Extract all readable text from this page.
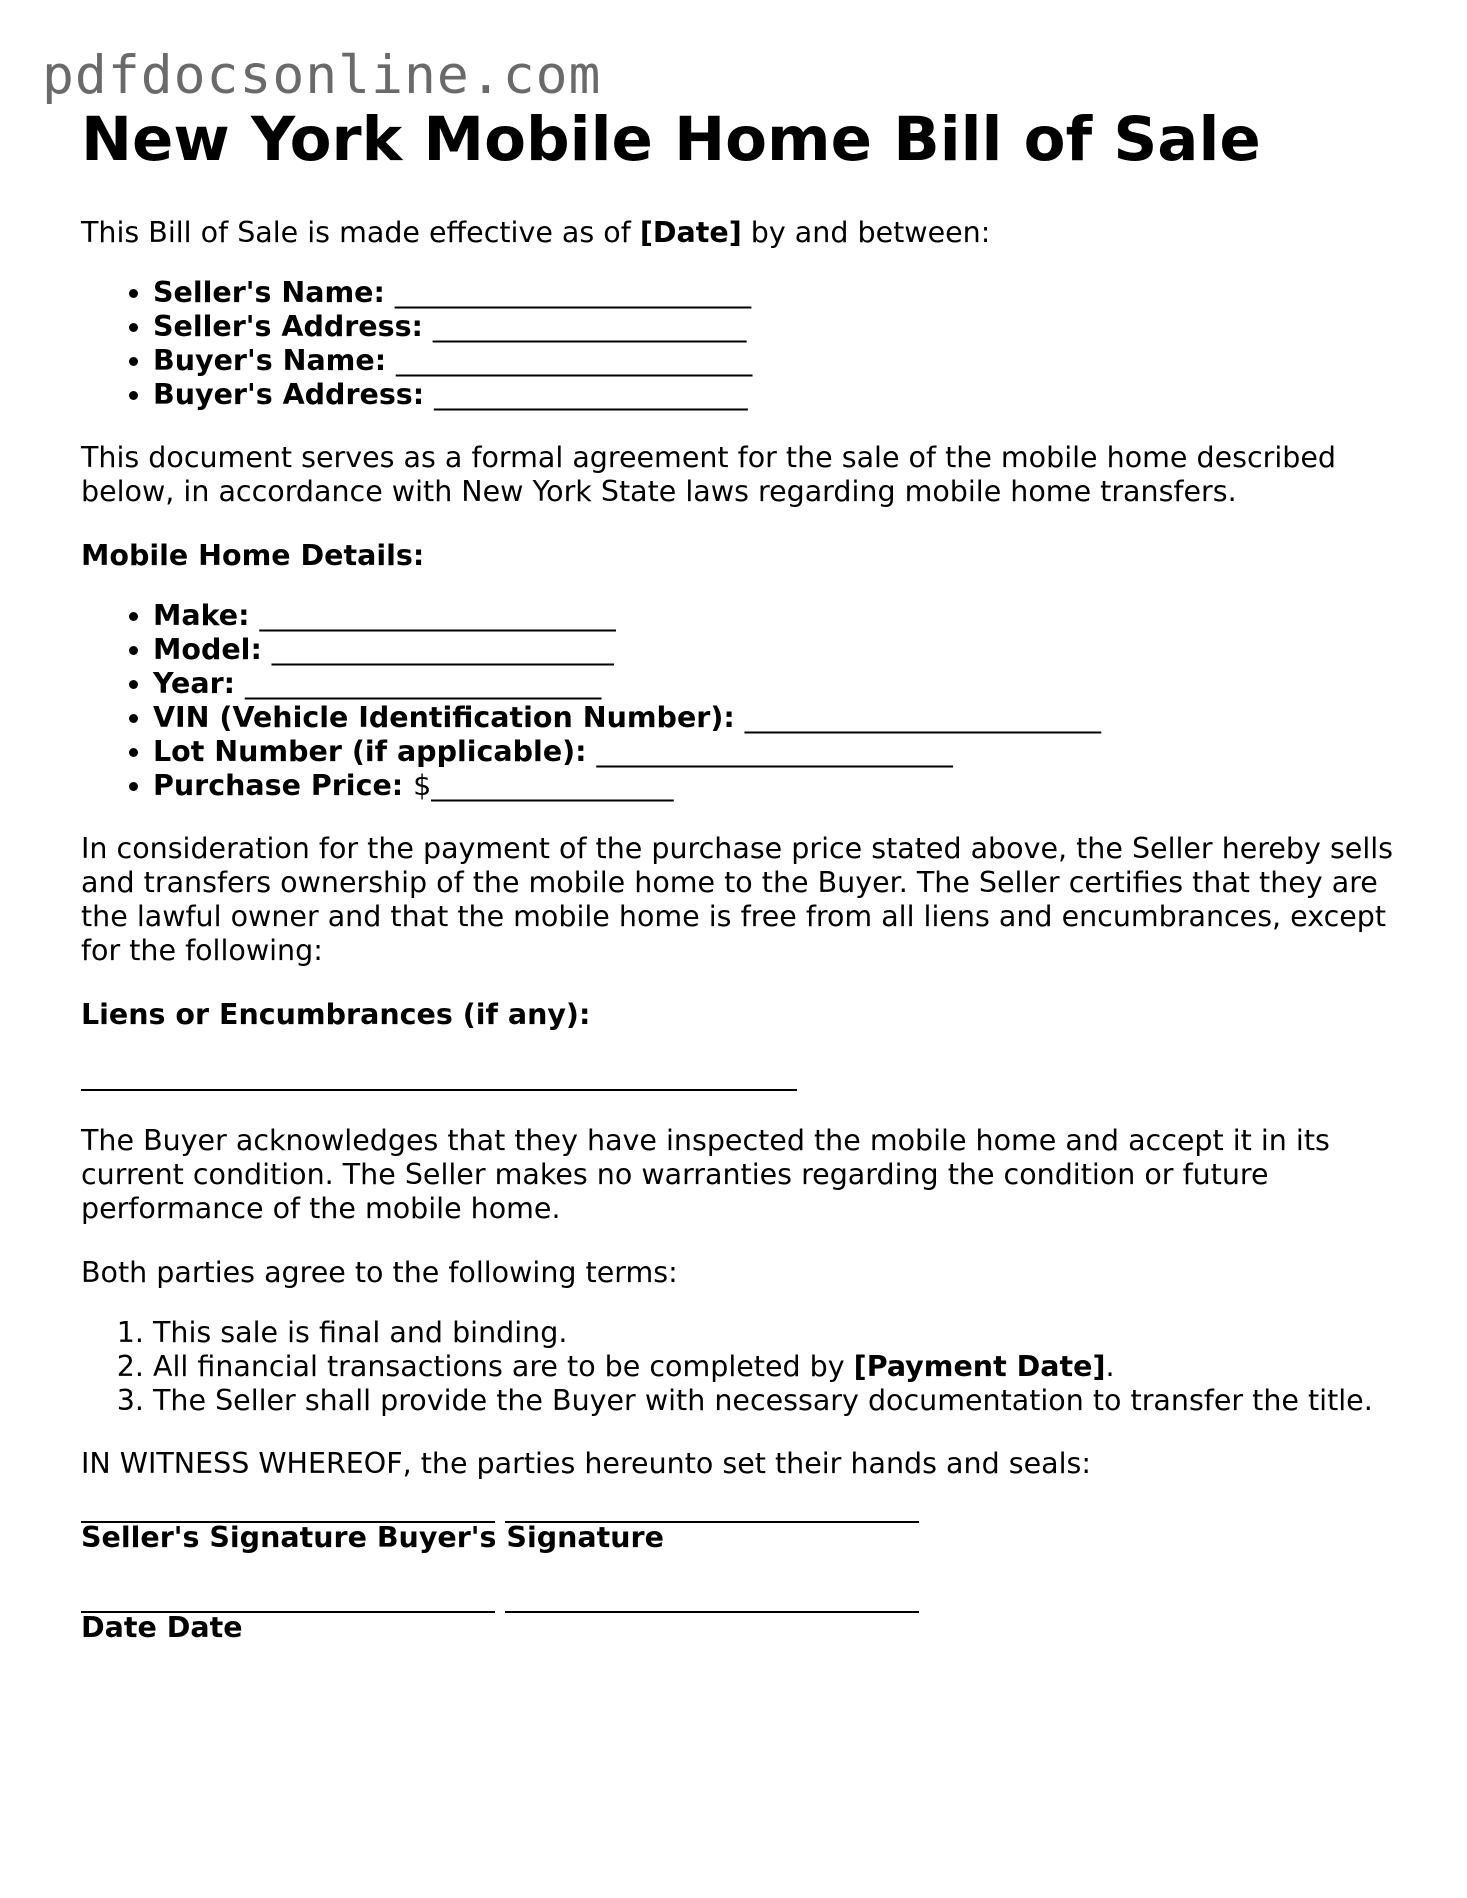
pdfdocsonline.com
New York Mobile Home Bill of Sale

This Bill of Sale is made effective as of [Date] by and between:

• Seller's Name: _________________________
• Seller's Address: ______________________
• Buyer's Name: _________________________
• Buyer's Address: ______________________

This document serves as a formal agreement for the sale of the mobile home described below, in accordance with New York State laws regarding mobile home transfers.

Mobile Home Details:

• Make: _________________________
• Model: ________________________
• Year: _________________________
• VIN (Vehicle Identification Number): _________________________
• Lot Number (if applicable): _________________________
• Purchase Price: $_________________

In consideration for the payment of the purchase price stated above, the Seller hereby sells and transfers ownership of the mobile home to the Buyer. The Seller certifies that they are the lawful owner and that the mobile home is free from all liens and encumbrances, except for the following:

Liens or Encumbrances (if any):

The Buyer acknowledges that they have inspected the mobile home and accept it in its current condition. The Seller makes no warranties regarding the condition or future performance of the mobile home.

Both parties agree to the following terms:

1. This sale is final and binding.
2. All financial transactions are to be completed by [Payment Date].
3. The Seller shall provide the Buyer with necessary documentation to transfer the title.

IN WITNESS WHEREOF, the parties hereunto set their hands and seals:

Seller's Signature Buyer's Signature
Date Date
